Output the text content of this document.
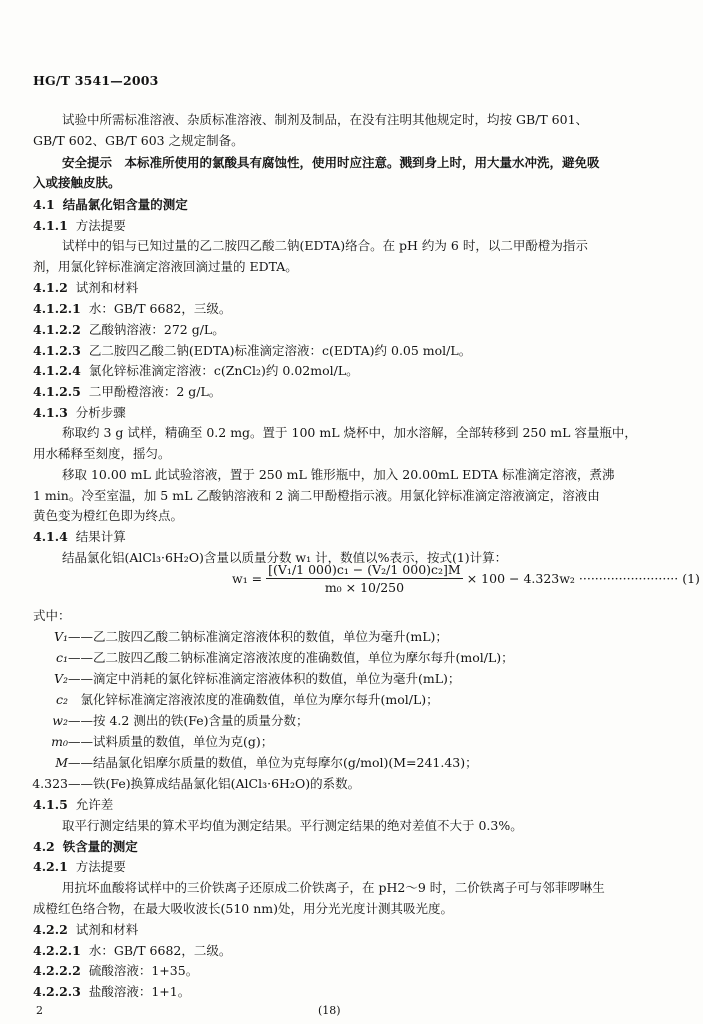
HG/T 3541—2003
试验中所需标准溶液、杂质标准溶液、制剂及制品，在没有注明其他规定时，均按 GB/T 601、
GB/T 602、GB/T 603 之规定制备。
安全提示　本标准所使用的氯酸具有腐蚀性，使用时应注意。溅到身上时，用大量水冲洗，避免吸
入或接触皮肤。
4.1 结晶氯化铝含量的测定
4.1.1 方法提要
试样中的铝与已知过量的乙二胺四乙酸二钠(EDTA)络合。在 pH 约为 6 时，以二甲酚橙为指示
剂，用氯化锌标准滴定溶液回滴过量的 EDTA。
4.1.2 试剂和材料
4.1.2.1 水：GB/T 6682，三级。
4.1.2.2 乙酸钠溶液：272 g/L。
4.1.2.3 乙二胺四乙酸二钠(EDTA)标准滴定溶液：c(EDTA)约 0.05 mol/L。
4.1.2.4 氯化锌标准滴定溶液：c(ZnCl₂)约 0.02mol/L。
4.1.2.5 二甲酚橙溶液：2 g/L。
4.1.3 分析步骤
称取约 3 g 试样，精确至 0.2 mg。置于 100 mL 烧杯中，加水溶解，全部转移到 250 mL 容量瓶中，
用水稀释至刻度，摇匀。
移取 10.00 mL 此试验溶液，置于 250 mL 锥形瓶中，加入 20.00mL EDTA 标准滴定溶液，煮沸
1 min。冷至室温，加 5 mL 乙酸钠溶液和 2 滴二甲酚橙指示液。用氯化锌标准滴定溶液滴定，溶液由
黄色变为橙红色即为终点。
4.1.4 结果计算
结晶氯化铝(AlCl₃·6H₂O)含量以质量分数 w₁ 计，数值以%表示，按式(1)计算：
$w_1 = \frac{\text{[(V₁/1 000)c₁ − (V₂/1 000)c₂]M}}{\text{m₀ × 10/250}} \times 100 - 4.323w_2$ ························· (1)
式中：
V₁——乙二胺四乙酸二钠标准滴定溶液体积的数值，单位为毫升(mL)；
c₁——乙二胺四乙酸二钠标准滴定溶液浓度的准确数值，单位为摩尔每升(mol/L)；
V₂——滴定中消耗的氯化锌标准滴定溶液体积的数值，单位为毫升(mL)；
c₂　氯化锌标准滴定溶液浓度的准确数值，单位为摩尔每升(mol/L)；
w₂——按 4.2 测出的铁(Fe)含量的质量分数；
m₀——试料质量的数值，单位为克(g)；
M——结晶氯化铝摩尔质量的数值，单位为克每摩尔(g/mol)(M=241.43)；
4.323——铁(Fe)换算成结晶氯化铝(AlCl₃·6H₂O)的系数。
4.1.5 允许差
取平行测定结果的算术平均值为测定结果。平行测定结果的绝对差值不大于 0.3%。
4.2 铁含量的测定
4.2.1 方法提要
用抗坏血酸将试样中的三价铁离子还原成二价铁离子，在 pH2～9 时，二价铁离子可与邻菲啰啉生
成橙红色络合物，在最大吸收波长(510 nm)处，用分光光度计测其吸光度。
4.2.2 试剂和材料
4.2.2.1 水：GB/T 6682，二级。
4.2.2.2 硫酸溶液：1+35。
4.2.2.3 盐酸溶液：1+1。
2	(18)
